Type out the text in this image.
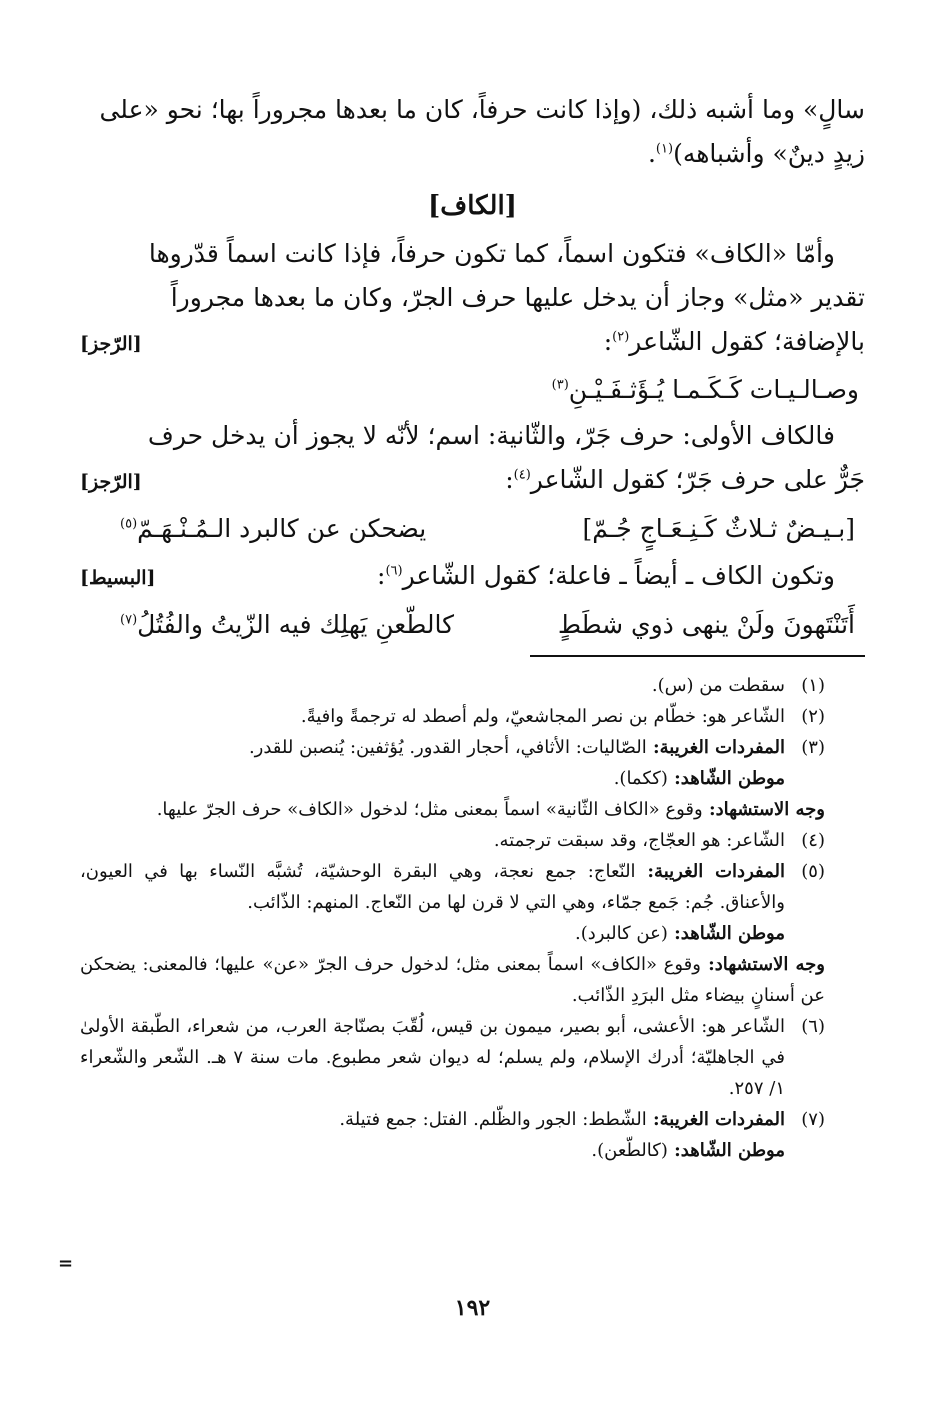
سالٍ» وما أشبه ذلك، (وإذا كانت حرفاً، كان ما بعدها مجروراً بها؛ نحو «على
زيدٍ دينٌ» وأشباهه)$^{(١)}$.

[الكاف]
وأمّا «الكاف» فتكون اسماً، كما تكون حرفاً، فإذا كانت اسماً قدّروها
تقدير «مثل» وجاز أن يدخل عليها حرف الجرّ، وكان ما بعدها مجروراً
بالإضافة؛ كقول الشّاعر$^{(٢)}$:
[الرّجز]
وصـالـيـات كَـكَـمـا يُـؤَثـفَـيْـنِ$^{(٣)}$
فالكاف الأولى: حرف جَرّ، والثّانية: اسم؛ لأنّه لا يجوز أن يدخل حرف
جَرٌّ على حرف جَرّ؛ كقول الشّاعر$^{(٤)}$:
[الرّجز]
[بـيـضٌ ثـلاثٌ كَـنِـعَـاجٍ جُـمّ]
يضحكن عن كالبرد الـمُـنْـهَـمّ$^{(٥)}$
وتكون الكاف ـ أيضاً ـ فاعلة؛ كقول الشّاعر$^{(٦)}$:
[البسيط]
أَتَنْتَهونَ ولَنْ ينهى ذوي شطَطٍ
كالطّعنِ يَهلِك فيه الزّيتُ والفُتُلُ$^{(٧)}$
(١)
سقطت من (س).
(٢)
الشّاعر هو: خطّام بن نصر المجاشعيّ، ولم أصطد له ترجمةً وافيةً.
(٣)
المفردات الغريبة: الصّاليات: الأثافي، أحجار القدور. يُؤثفين: يُنصبن للقدر.
موطن الشّاهد: (ككما).
وجه الاستشهاد: وقوع «الكاف الثّانية» اسماً بمعنى مثل؛ لدخول «الكاف» حرف الجرّ عليها.
(٤)
الشّاعر: هو العجّاج، وقد سبقت ترجمته.
(٥)
المفردات الغريبة: النّعاج: جمع نعجة، وهي البقرة الوحشيّة، تُشبَّه النّساء بها في العيون، والأعناق. جُم: جَمع جمّاء، وهي التي لا قرن لها من النّعاج. المنهم: الذّائب.
موطن الشّاهد: (عن كالبرد).
وجه الاستشهاد: وقوع «الكاف» اسماً بمعنى مثل؛ لدخول حرف الجرّ «عن» عليها؛ فالمعنى: يضحكن عن أسنانٍ بيضاء مثل البرَدِ الذّائب.
(٦)
الشّاعر هو: الأعشى، أبو بصير، ميمون بن قيس، لُقّبَ بصنّاجة العرب، من شعراء، الطّبقة الأولىٰ في الجاهليّة؛ أدرك الإسلام، ولم يسلم؛ له ديوان شعر مطبوع. مات سنة ٧ هـ. الشّعر والشّعراء ١/ ٢٥٧.
(٧)
المفردات الغريبة: الشّطط: الجور والظّلم. الفتل: جمع فتيلة.
موطن الشّاهد: (كالطّعن).
=
١٩٢
